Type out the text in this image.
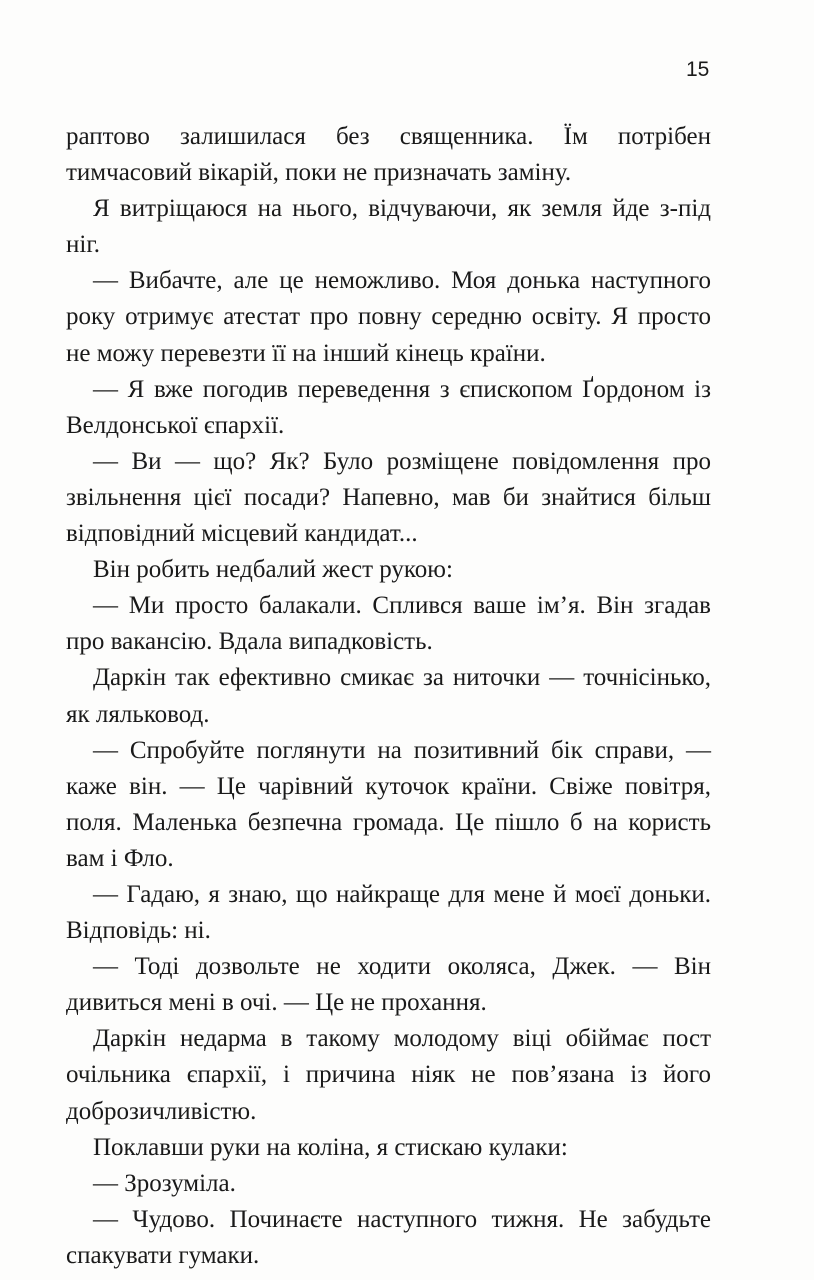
15

раптово залишилася без священника. Їм потрібен тимчасовий вікарій, поки не призначать заміну.

Я витріщаюся на нього, відчуваючи, як земля йде з-під ніг.

— Вибачте, але це неможливо. Моя донька наступного року отримує атестат про повну середню освіту. Я просто не можу перевезти її на інший кінець країни.

— Я вже погодив переведення з єпископом Ґордоном із Велдонської єпархії.

— Ви — що? Як? Було розміщене повідомлення про звільнення цієї посади? Напевно, мав би знайтися більш відповідний місцевий кандидат...

Він робить недбалий жест рукою:

— Ми просто балакали. Сплився ваше ім’я. Він згадав про вакансію. Вдала випадковість.

Даркін так ефективно смикає за ниточки — точнісінько, як ляльковод.

— Спробуйте поглянути на позитивний бік справи, — каже він. — Це чарівний куточок країни. Свіже повітря, поля. Маленька безпечна громада. Це пішло б на користь вам і Фло.

— Гадаю, я знаю, що найкраще для мене й моєї доньки. Відповідь: ні.

— Тоді дозвольте не ходити околяса, Джек. — Він дивиться мені в очі. — Це не прохання.

Даркін недарма в такому молодому віці обіймає пост очільника єпархії, і причина ніяк не пов’язана із його доброзичливістю.

Поклавши руки на коліна, я стискаю кулаки:

— Зрозуміла.

— Чудово. Починаєте наступного тижня. Не забудьте спакувати гумаки.
